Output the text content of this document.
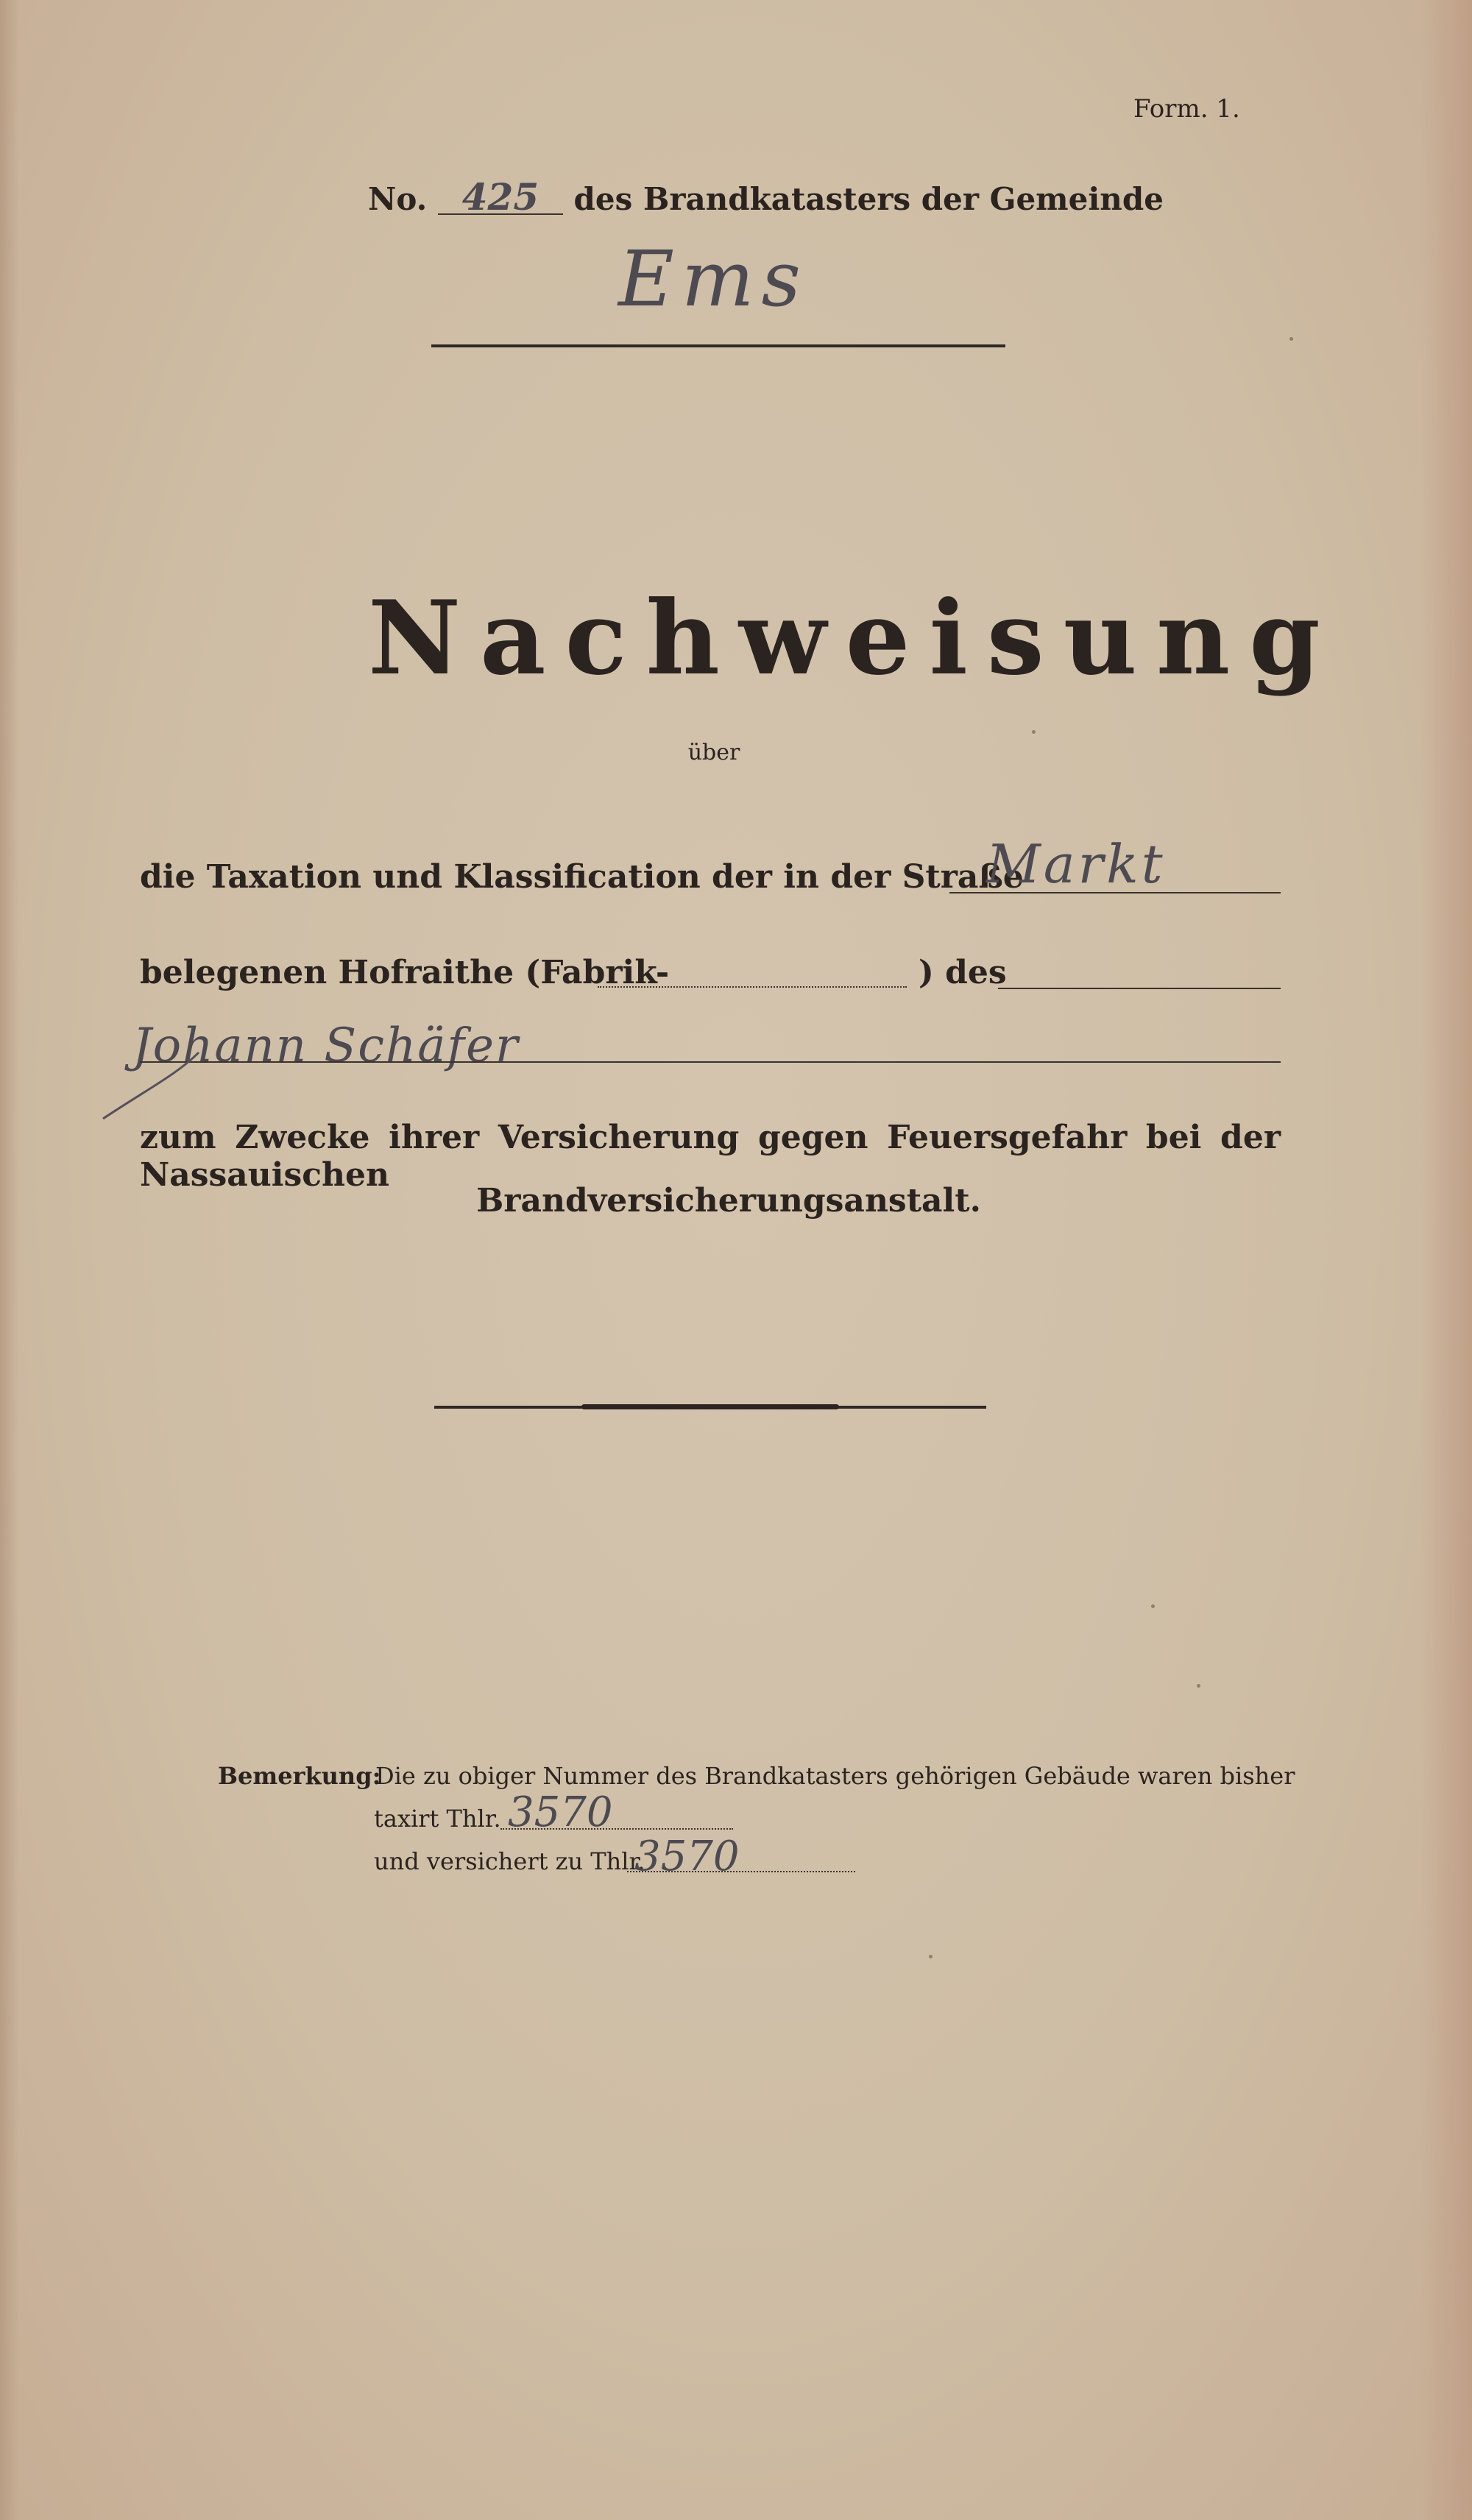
Form. 1.
No. 425 des Brandkatasters der Gemeinde
Ems
Nachweisung
über
die Taxation und Klassification der in der Straße
Markt
belegenen Hofraithe (Fabrik-	) des
Johann Schäfer
zum Zwecke ihrer Versicherung gegen Feuersgefahr bei der Nassauischen
Brandversicherungsanstalt.
Bemerkung:
Die zu obiger Nummer des Brandkatasters gehörigen Gebäude waren bisher
taxirt Thlr. 3570
und versichert zu Thlr.
3570
